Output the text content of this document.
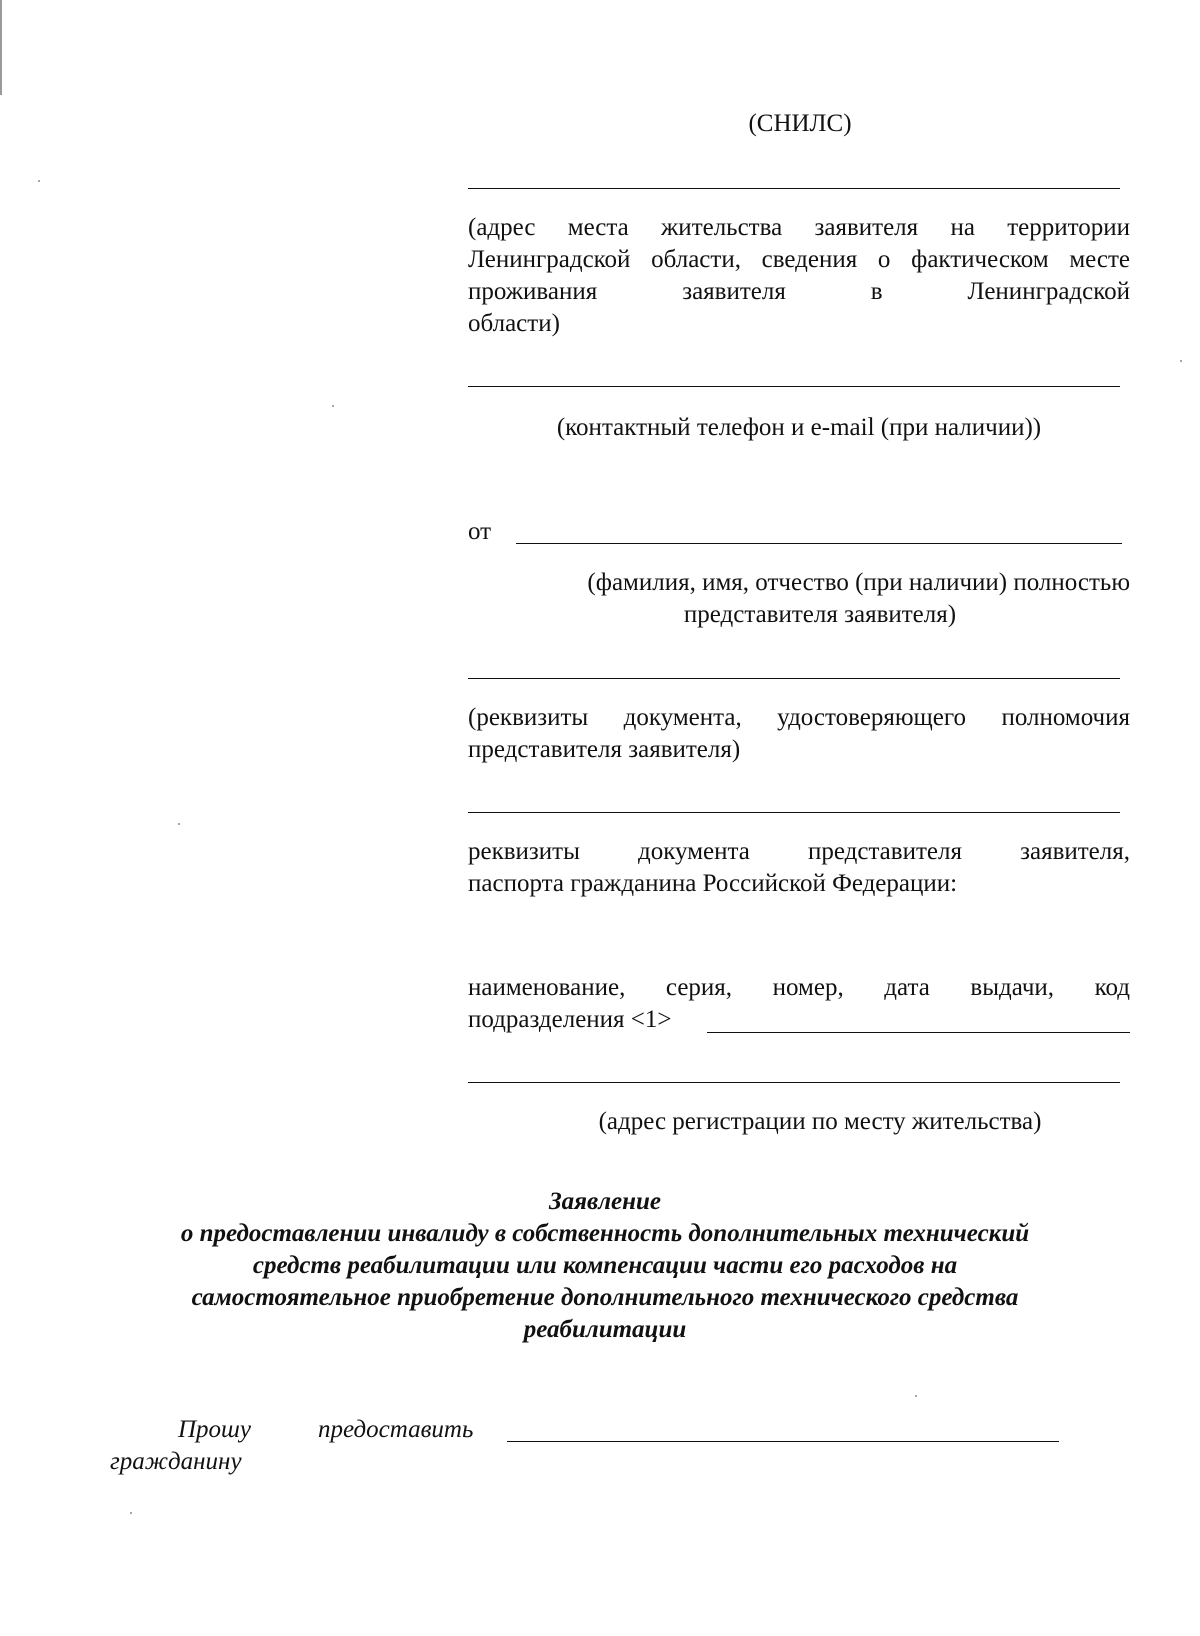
(СНИЛС)
(адрес места жительства заявителя на территории Ленинградской области, сведения о фактическом месте проживания заявителя в Ленинградской
области)
(контактный телефон и e-mail (при наличии))
от
(фамилия, имя, отчество (при наличии) полностью
представителя заявителя)
(реквизиты документа, удостоверяющего полномочия
представителя заявителя)
реквизиты документа представителя заявителя,
паспорта гражданина Российской Федерации:
наименование, серия, номер, дата выдачи, код
подразделения <1>
(адрес регистрации по месту жительства)
Заявление
о предоставлении инвалиду в собственность дополнительных технический
средств реабилитации или компенсации части его расходов на
самостоятельное приобретение дополнительного технического средства
реабилитации
Прошу	предоставить
гражданину
